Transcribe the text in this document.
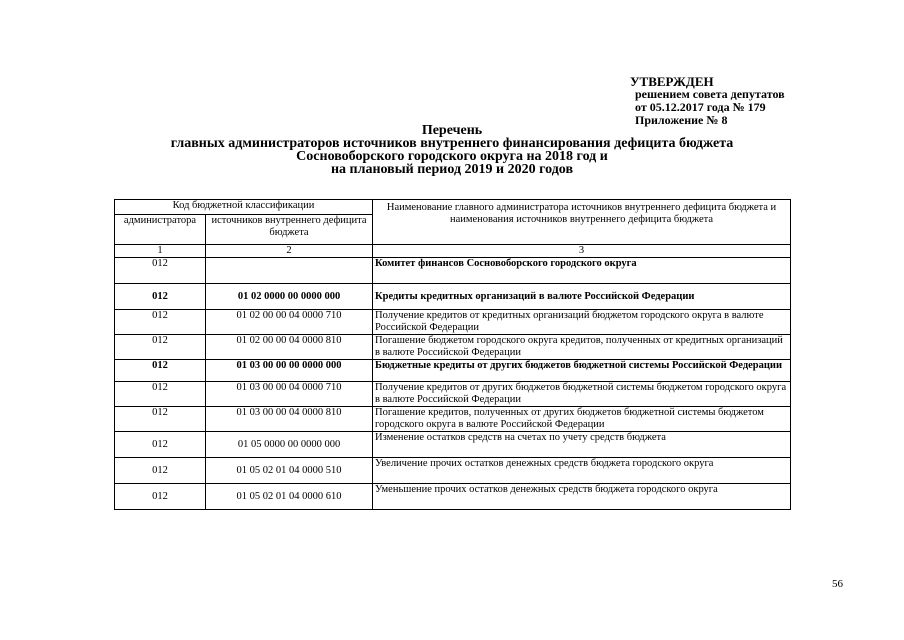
УТВЕРЖДЕН
решением совета депутатов
от 05.12.2017 года № 179
Приложение № 8
Перечень
главных администраторов источников внутреннего финансирования дефицита бюджета
Сосновоборского городского округа на 2018 год и
на плановый период 2019 и 2020 годов
Код бюджетной классификации		Наименование главного администратора источников внутреннего дефицита бюджета и наименования источников внутреннего дефицита бюджета
администратора	источников внутреннего дефицита бюджета	
1	2	3
012		Комитет финансов Сосновоборского городского округа
012	01 02 0000 00 0000 000	Кредиты кредитных организаций в валюте Российской Федерации
012	01 02 00 00 04 0000 710	Получение кредитов от кредитных организаций бюджетом городского округа в валюте Российской Федерации
012	01 02 00 00 04 0000 810	Погашение бюджетом городского округа кредитов, полученных от кредитных организаций в валюте Российской Федерации
012	01 03 00 00 00 0000 000	Бюджетные кредиты от других бюджетов бюджетной системы Российской Федерации
012	01 03 00 00 04 0000 710	Получение кредитов от других бюджетов бюджетной системы бюджетом городского округа в валюте Российской Федерации
012	01 03 00 00 04 0000 810	Погашение кредитов, полученных от других бюджетов бюджетной системы бюджетом городского округа в валюте Российской Федерации
012	01 05 0000 00 0000 000	Изменение остатков средств на счетах по учету средств бюджета
012	01 05 02 01 04 0000 510	Увеличение прочих остатков денежных средств бюджета городского округа
012	01 05 02 01 04 0000 610	Уменьшение прочих остатков денежных средств бюджета городского округа
56
